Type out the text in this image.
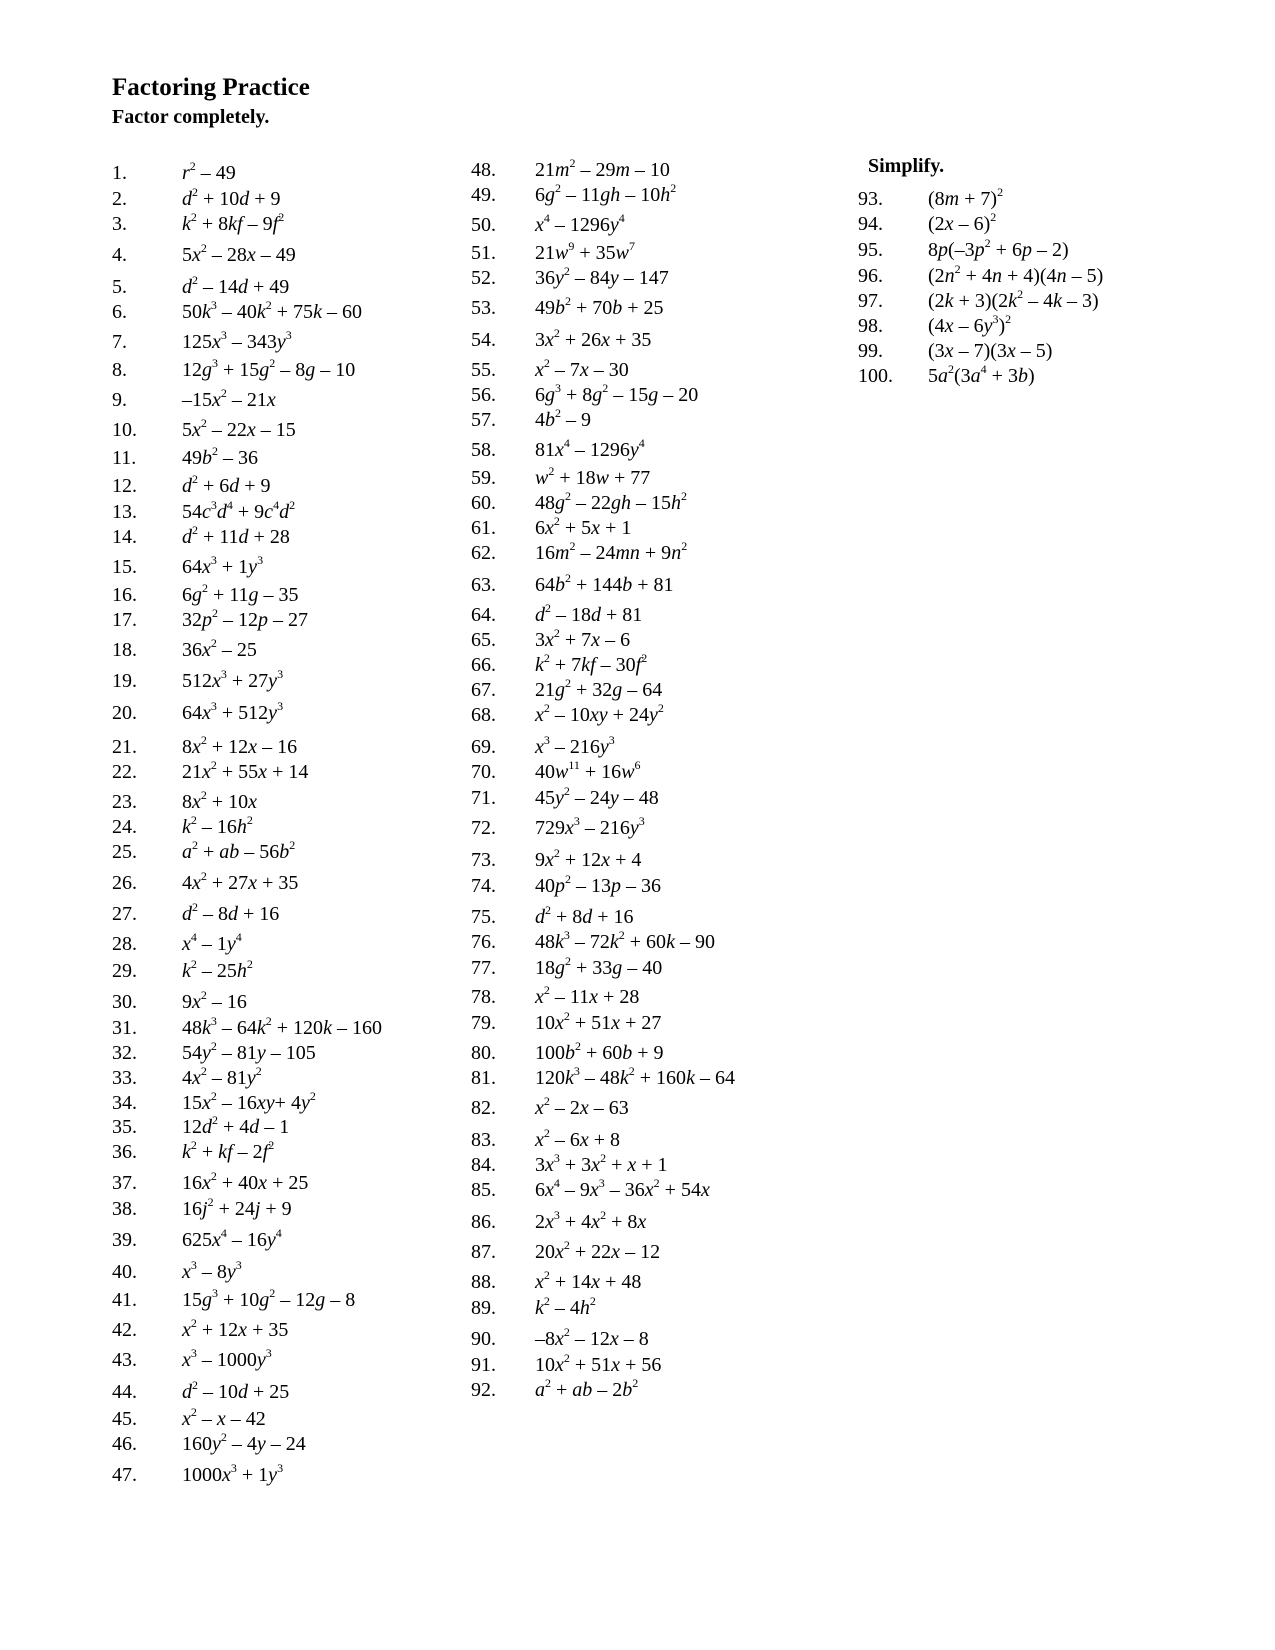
Factoring Practice
Factor completely.
Simplify.
1.	$r^2 - 49$
2.	$d^2 + 10d + 9$
3.	$k^2 + 8kf - 9f^2$
4.	$5x^2 - 28x - 49$
5.	$d^2 - 14d + 49$
6.	$50k^3 - 40k^2 + 75k - 60$
7.	$125x^3 - 343y^3$
8.	$12g^3 + 15g^2 - 8g - 10$
9.	$-15x^2 - 21x$
10. $5x^2 - 22x - 15$
11. $49b^2 - 36$
12. $d^2 + 6d + 9$
13. $54c^3d^4 + 9c^4d^2$
14. $d^2 + 11d + 28$
15. $64x^3 + 1y^3$
16. $6g^2 + 11g - 35$
17. $32p^2 - 12p - 27$
18. $36x^2 - 25$
19. $512x^3 + 27y^3$
20. $64x^3 + 512y^3$
21. $8x^2 + 12x - 16$
22. $21x^2 + 55x + 14$
23. $8x^2 + 10x$
24. $k^2 - 16h^2$
25. $a^2$ + ab – $56b^2$
26. $4x^2 + 27x + 35$
27. $d^2 - 8d + 16$
28. $x^4 - 1y^4$
29. $k^2 - 25h^2$
30. $9x^2 - 16$
31. $48k^3 - 64k^2 + 120k - 160$
32. $54y^2 - 81y - 105$
33. $4x^2 - 81y^2$
34. $15x^2 - 16xy+ 4y^2$
35. $12d^2 + 4d - 1$
36. $k^2$ + kf – $2f^2$
37. $16x^2 + 40x + 25$
38. $16j^2 + 24j + 9$
39. $625x^4 - 16y^4$
40. $x^3 - 8y^3$
41. $15g^3 + 10g^2 - 12g - 8$
42. $x^2 + 12x + 35$
43. $x^3 - 1000y^3$
44. $d^2 - 10d + 25$
45. $x^2$ – x – 42
46. $160y^2 - 4y - 24$
47. $1000x^3 + 1y^3$
48. $21m^2 - 29m - 10$
49. $6g^2 - 11gh - 10h^2$
50. $x^4 - 1296y^4$
51. $21w^9 + 35w^7$
52. $36y^2 - 84y - 147$
53. $49b^2 + 70b + 25$
54. $3x^2 + 26x + 35$
55. $x^2 - 7x - 30$
56. $6g^3 + 8g^2 - 15g - 20$
57. $4b^2 - 9$
58. $81x^4 - 1296y^4$
59. $w^2 + 18w + 77$
60. $48g^2 - 22gh - 15h^2$
61. $6x^2 + 5x + 1$
62. $16m^2 - 24mn + 9n^2$
63. $64b^2 + 144b + 81$
64. $d^2 - 18d + 81$
65. $3x^2 + 7x - 6$
66. $k^2 + 7kf - 30f^2$
67. $21g^2 + 32g - 64$
68. $x^2 - 10xy + 24y^2$
69. $x^3 - 216y^3$
70. $40w^{11} + 16w^6$
71. $45y^2 - 24y - 48$
72. $729x^3 - 216y^3$
73. $9x^2 + 12x + 4$
74. $40p^2 - 13p - 36$
75. $d^2 + 8d + 16$
76. $48k^3 - 72k^2 + 60k - 90$
77. $18g^2 + 33g - 40$
78. $x^2 - 11x + 28$
79. $10x^2 + 51x + 27$
80. $100b^2 + 60b + 9$
81. $120k^3 - 48k^2 + 160k - 64$
82. $x^2 - 2x - 63$
83. $x^2 - 6x + 8$
84. $3x^3 + 3x^2 + x + 1$
85. $6x^4 - 9x^3 - 36x^2 + 54x$
86. $2x^3 + 4x^2 + 8x$
87. $20x^2 + 22x - 12$
88. $x^2 + 14x + 48$
89. $k^2 - 4h^2$
90. $-8x^2 - 12x - 8$
91. $10x^2 + 51x + 56$
92. $a^2$ + ab – $2b^2$
93. $(8m + 7)^2$
94. (2x – 6)$^2$
95. $8p(-3p^2 + 6p - 2)$
96. $(2n^2 + 4n + 4)(4n - 5)$
97. $(2k + 3)(2k^2 - 4k - 3)$
98. $(4x - 6y^3)^2$
99. (3x – 7)(3x – 5)
100. $5a^2(3a^4 + 3b)$
